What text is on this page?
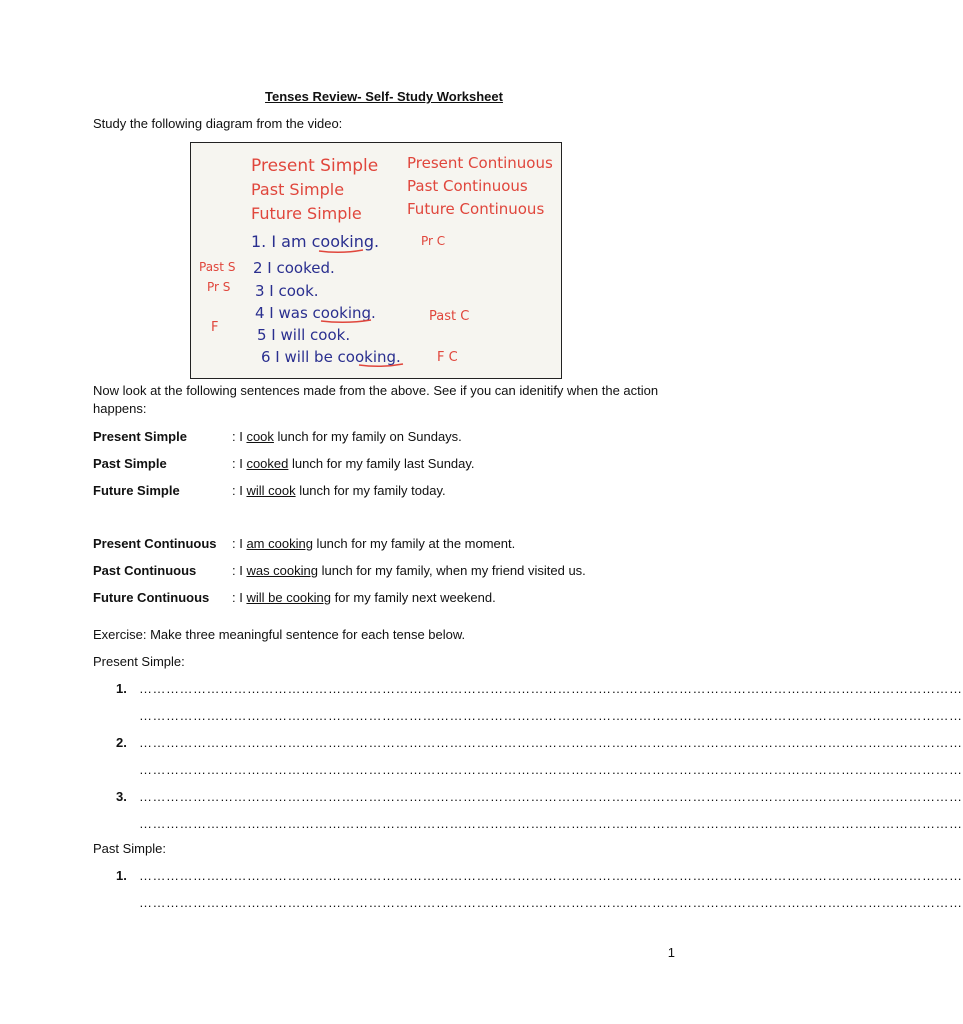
Tenses Review- Self- Study Worksheet
Study the following diagram from the video:
Present Simple
Past Simple
Future Simple
Present Continuous
Past Continuous
Future Continuous
1. I am cooking.
2 I cooked.
3 I cook.
4 I was cooking.
5 I will cook.
6 I will be cooking.
Past S
Pr S
F
Pr C
Past C
F C
Now look at the following sentences made from the above. See if you can idenitify when the action happens:
Present Simple	: I cook lunch for my family on Sundays.
Past Simple	: I cooked lunch for my family last Sunday.
Future Simple	: I will cook lunch for my family today.
Present Continuous : I am cooking lunch for my family at the moment.
Past Continuous	: I was cooking lunch for my family, when my friend visited us.
Future Continuous : I will be cooking for my family next weekend.
Exercise: Make three meaningful sentence for each tense below.
Present Simple:
1. …………………………………………………………………………………………………………………………………………………………………
…………………………………………………………………………………………………………………………………………………………………
2. …………………………………………………………………………………………………………………………………………………………………
…………………………………………………………………………………………………………………………………………………………………
3. …………………………………………………………………………………………………………………………………………………………………
…………………………………………………………………………………………………………………………………………………………………
Past Simple:
1. …………………………………………………………………………………………………………………………………………………………………
…………………………………………………………………………………………………………………………………………………………………
1
